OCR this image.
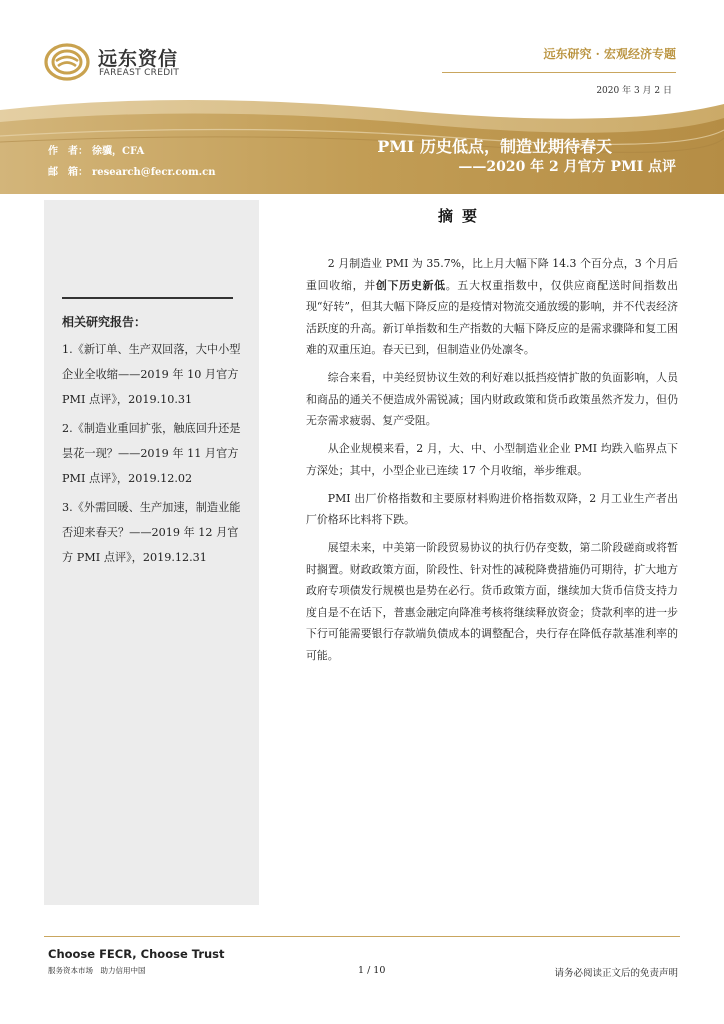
远东资信
FAREAST CREDIT
远东研究 · 宏观经济专题
2020 年 3 月 2 日
作　者： 徐骥，CFA
邮　箱： research@fecr.com.cn
PMI 历史低点，制造业期待春天
——2020 年 2 月官方 PMI 点评
相关研究报告：
1.《新订单、生产双回落，大中小型企业全收缩——2019 年 10 月官方 PMI 点评》，2019.10.31
2.《制造业重回扩张，触底回升还是昙花一现？——2019 年 11 月官方 PMI 点评》，2019.12.02
3.《外需回暖、生产加速，制造业能否迎来春天？——2019 年 12 月官方 PMI 点评》，2019.12.31
摘要

2 月制造业 PMI 为 35.7%，比上月大幅下降 14.3 个百分点，3 个月后重回收缩，并创下历史新低。五大权重指数中，仅供应商配送时间指数出现“好转”，但其大幅下降反应的是疫情对物流交通放缓的影响，并不代表经济活跃度的升高。新订单指数和生产指数的大幅下降反应的是需求骤降和复工困难的双重压迫。春天已到，但制造业仍处凛冬。

综合来看，中美经贸协议生效的利好难以抵挡疫情扩散的负面影响，人员和商品的通关不便造成外需锐减；国内财政政策和货币政策虽然齐发力，但仍无奈需求疲弱、复产受阻。

从企业规模来看，2 月，大、中、小型制造业企业 PMI 均跌入临界点下方深处；其中，小型企业已连续 17 个月收缩，举步维艰。

PMI 出厂价格指数和主要原材料购进价格指数双降，2 月工业生产者出厂价格环比料将下跌。

展望未来，中美第一阶段贸易协议的执行仍存变数，第二阶段磋商或将暂时搁置。财政政策方面，阶段性、针对性的减税降费措施仍可期待，扩大地方政府专项债发行规模也是势在必行。货币政策方面，继续加大货币信贷支持力度自是不在话下，普惠金融定向降准考核将继续释放资金；贷款利率的进一步下行可能需要银行存款端负债成本的调整配合，央行存在降低存款基准利率的可能。

Choose FECR, Choose Trust
服务资本市场　助力信用中国	1 / 10	请务必阅读正文后的免责声明
